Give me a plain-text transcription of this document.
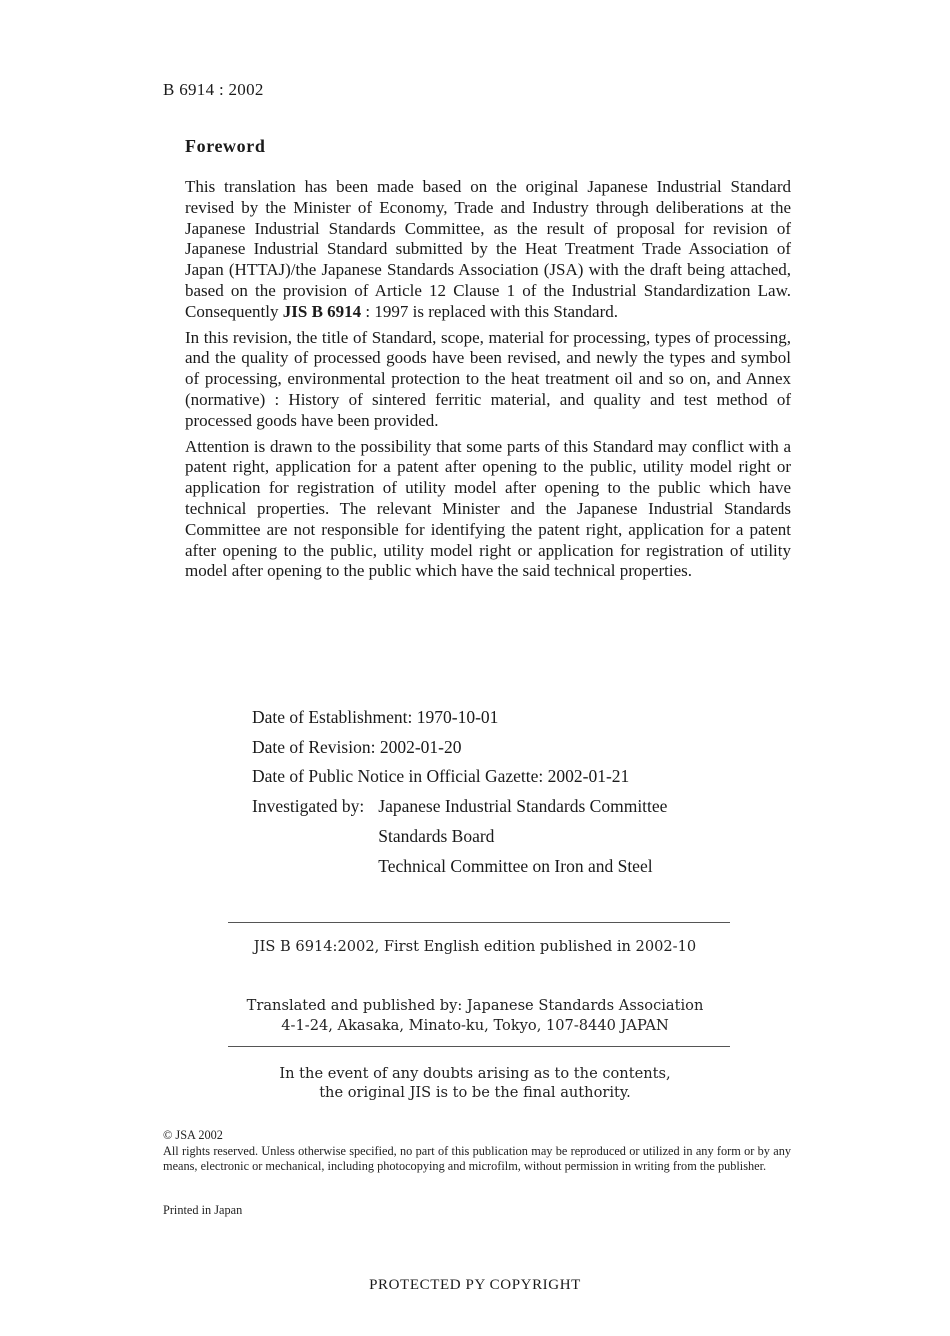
B 6914 : 2002
Foreword

This translation has been made based on the original Japanese Industrial Standard revised by the Minister of Economy, Trade and Industry through deliberations at the Japanese Industrial Standards Committee, as the result of proposal for revision of Japanese Industrial Standard submitted by the Heat Treatment Trade Association of Japan (HTTAJ)/the Japanese Standards Association (JSA) with the draft being attached, based on the provision of Article 12 Clause 1 of the Industrial Standardization Law. Consequently JIS B 6914 : 1997 is replaced with this Standard.

In this revision, the title of Standard, scope, material for processing, types of processing, and the quality of processed goods have been revised, and newly the types and symbol of processing, environmental protection to the heat treatment oil and so on, and Annex (normative) : History of sintered ferritic material, and quality and test method of processed goods have been provided.

Attention is drawn to the possibility that some parts of this Standard may conflict with a patent right, application for a patent after opening to the public, utility model right or application for registration of utility model after opening to the public which have technical properties. The relevant Minister and the Japanese Industrial Standards Committee are not responsible for identifying the patent right, application for a patent after opening to the public, utility model right or application for registration of utility model after opening to the public which have the said technical properties.

Date of Establishment: 1970-10-01
Date of Revision: 2002-01-20
Date of Public Notice in Official Gazette: 2002-01-21
Investigated by: Japanese Industrial Standards Committee
Standards Board
Technical Committee on Iron and Steel
JIS B 6914:2002, First English edition published in 2002-10
Translated and published by: Japanese Standards Association
4-1-24, Akasaka, Minato-ku, Tokyo, 107-8440 JAPAN
In the event of any doubts arising as to the contents,
the original JIS is to be the final authority.
© JSA 2002
All rights reserved. Unless otherwise specified, no part of this publication may be reproduced or utilized in any form or by any means, electronic or mechanical, including photocopying and microfilm, without permission in writing from the publisher.
Printed in Japan
PROTECTED PY COPYRIGHT
